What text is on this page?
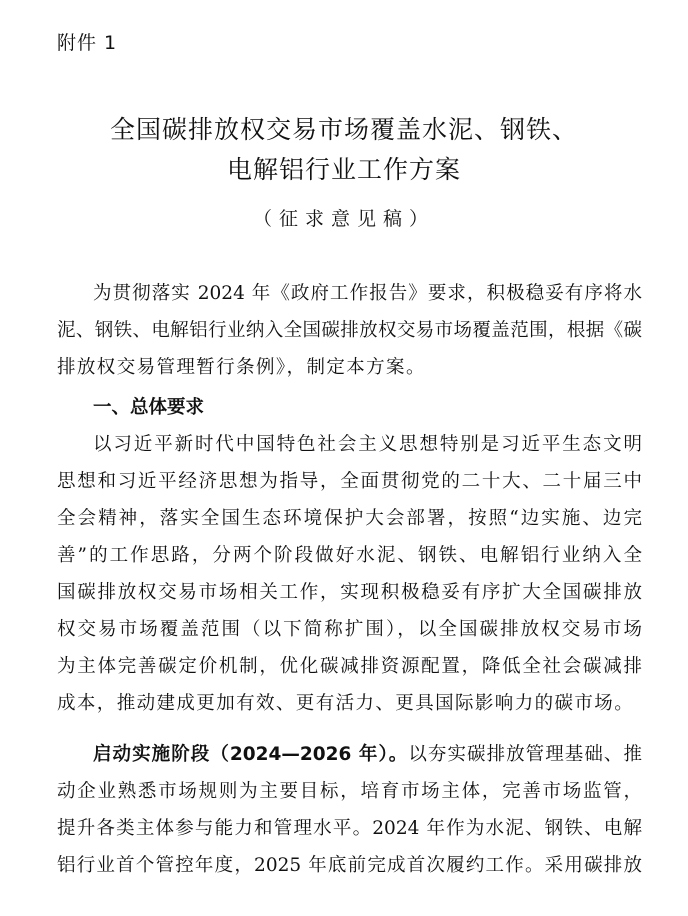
附件 1
全国碳排放权交易市场覆盖水泥、钢铁、
电解铝行业工作方案
（征求意见稿）
为贯彻落实 2024 年《政府工作报告》要求，积极稳妥有序将水
泥、钢铁、电解铝行业纳入全国碳排放权交易市场覆盖范围，根据《碳
排放权交易管理暂行条例》，制定本方案。
一、总体要求
以习近平新时代中国特色社会主义思想特别是习近平生态文明
思想和习近平经济思想为指导，全面贯彻党的二十大、二十届三中
全会精神，落实全国生态环境保护大会部署，按照“边实施、边完
善”的工作思路，分两个阶段做好水泥、钢铁、电解铝行业纳入全
国碳排放权交易市场相关工作，实现积极稳妥有序扩大全国碳排放
权交易市场覆盖范围（以下简称扩围），以全国碳排放权交易市场
为主体完善碳定价机制，优化碳减排资源配置，降低全社会碳减排
成本，推动建成更加有效、更有活力、更具国际影响力的碳市场。
启动实施阶段（2024—2026 年）。以夯实碳排放管理基础、推
动企业熟悉市场规则为主要目标，培育市场主体，完善市场监管，
提升各类主体参与能力和管理水平。2024 年作为水泥、钢铁、电解
铝行业首个管控年度，2025 年底前完成首次履约工作。采用碳排放
